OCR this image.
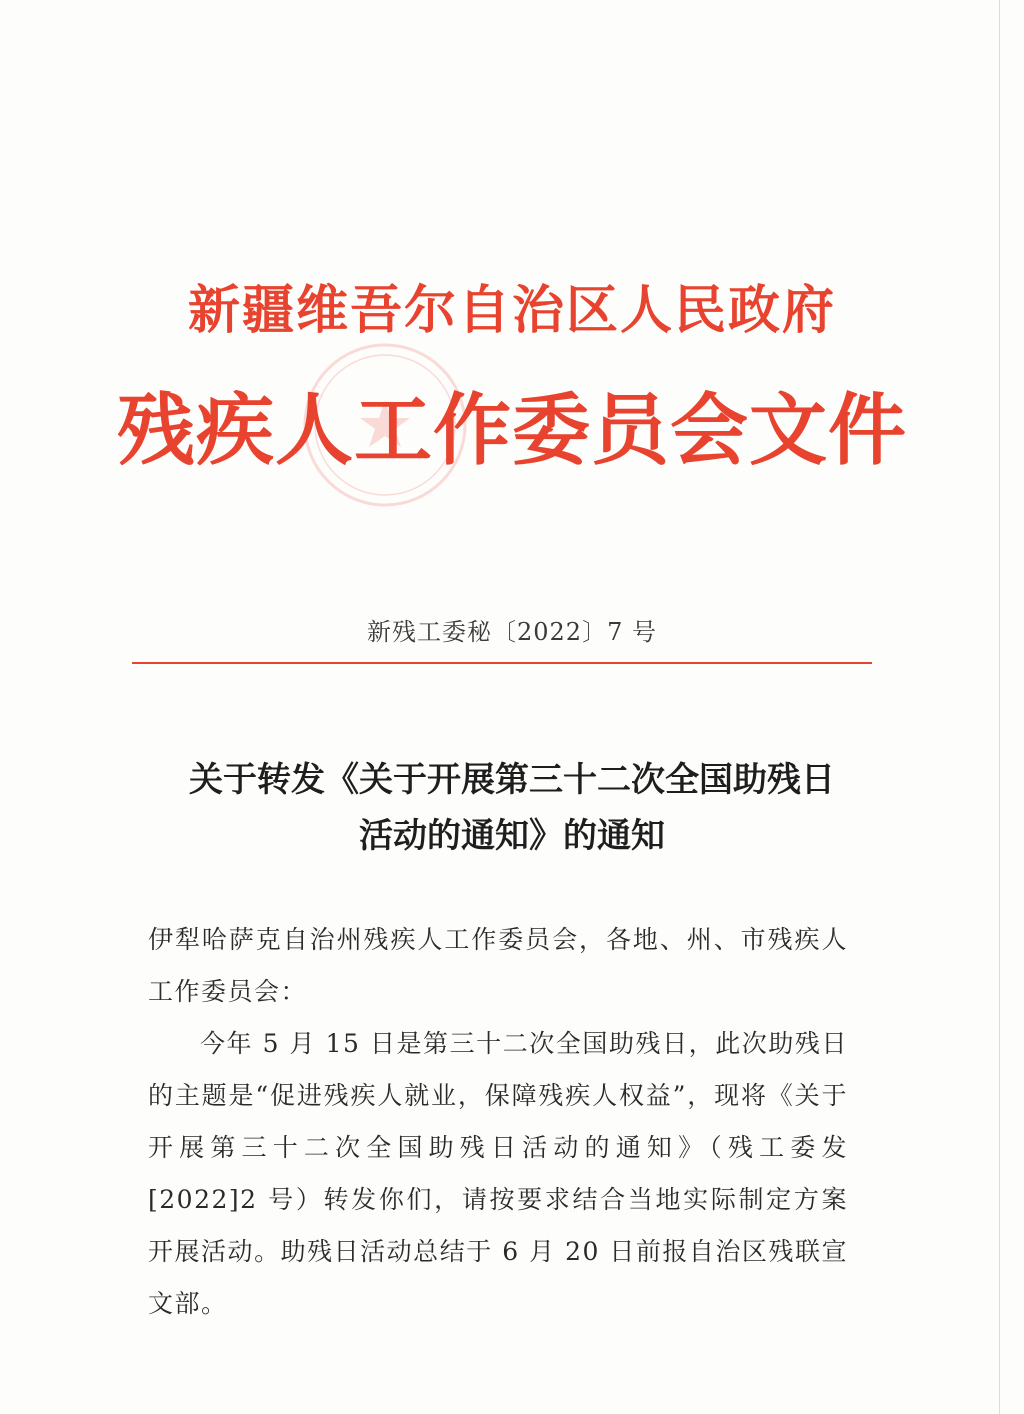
新疆维吾尔自治区人民政府
残疾人工作委员会文件
新残工委秘〔2022〕7 号
关于转发《关于开展第三十二次全国助残日
活动的通知》的通知

伊犁哈萨克自治州残疾人工作委员会，各地、州、市残疾人工作委员会：

今年 5 月 15 日是第三十二次全国助残日，此次助残日的主题是“促进残疾人就业，保障残疾人权益”，现将《关于开展第三十二次全国助残日活动的通知》（残工委发[2022]2 号）转发你们，请按要求结合当地实际制定方案开展活动。助残日活动总结于 6 月 20 日前报自治区残联宣文部。
